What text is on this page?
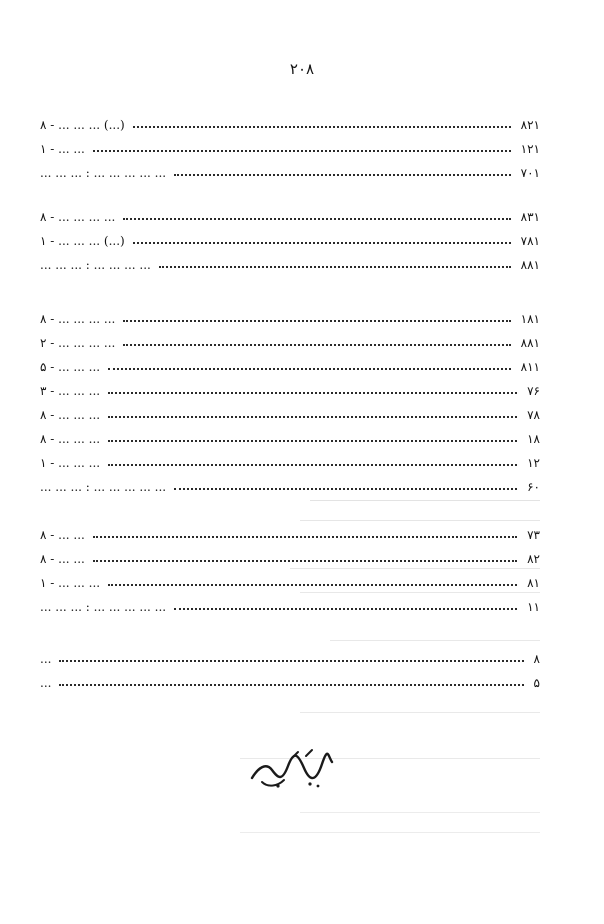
۲۰۸
(...) ... ... ... - ۸	۸۲۱
... ... - ۱	۱۲۱
... ... ... ... ... : ... ... ...	۷۰۱
... ... ... ... - ۸	۸۳۱
(...) ... ... ... - ۱	۷۸۱
... ... ... ... : ... ... ...	۸۸۱
... ... ... ... - ۸	۱۸۱
... ... ... ... - ۲	۸۸۱
... ... ... - ۵	۸۱۱
... ... ... - ۳	۷۶
... ... ... - ۸	۷۸
... ... ... - ۸	۱۸
... ... ... - ۱	۱۲
... ... ... ... ... : ... ... ...	۶۰
... ... - ۸	۷۳
... ... - ۸	۸۲
... ... ... - ۱	۸۱
... ... ... ... ... : ... ... ...	۱۱
...	۸
...	۵
